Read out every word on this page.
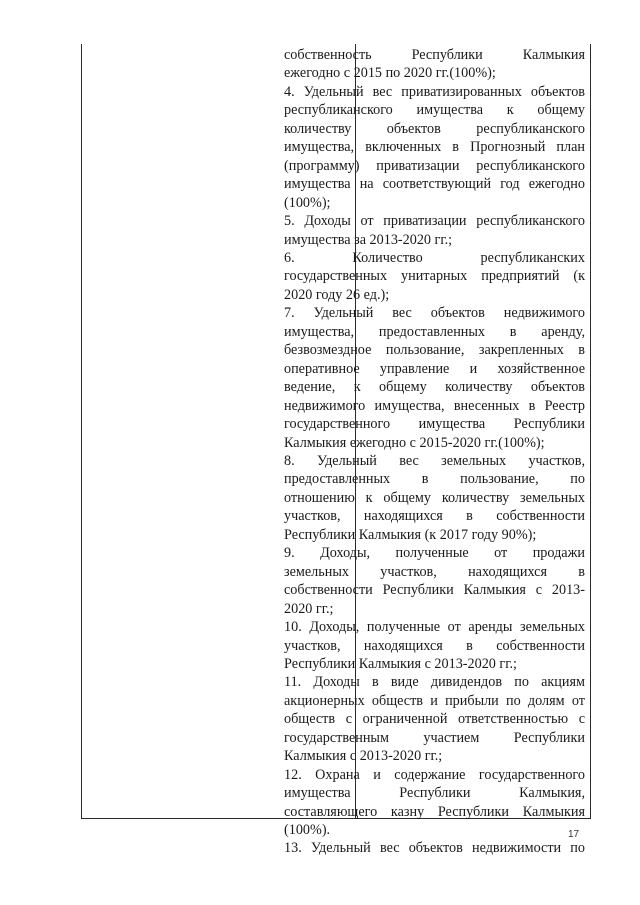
собственность Республики Калмыкия
ежегодно с 2015 по 2020 гг.(100%);
4. Удельный вес приватизированных объектов
республиканского имущества к общему
количеству объектов республиканского
имущества, включенных в Прогнозный план
(программу) приватизации республиканского
имущества на соответствующий год ежегодно
(100%);
5. Доходы от приватизации республиканского
имущества за 2013-2020 гг.;
6. Количество республиканских
государственных унитарных предприятий (к
2020 году 26 ед.);
7. Удельный вес объектов недвижимого
имущества, предоставленных в аренду,
безвозмездное пользование, закрепленных в
оперативное управление и хозяйственное
ведение, к общему количеству объектов
недвижимого имущества, внесенных в Реестр
государственного имущества Республики
Калмыкия ежегодно с 2015-2020 гг.(100%);
8. Удельный вес земельных участков,
предоставленных в пользование, по
отношению к общему количеству земельных
участков, находящихся в собственности
Республики Калмыкия (к 2017 году 90%);
9. Доходы, полученные от продажи
земельных участков, находящихся в
собственности Республики Калмыкия с 2013-
2020 гг.;
10. Доходы, полученные от аренды земельных
участков, находящихся в собственности
Республики Калмыкия с 2013-2020 гг.;
11. Доходы в виде дивидендов по акциям
акционерных обществ и прибыли по долям от
обществ с ограниченной ответственностью с
государственным участием Республики
Калмыкия с 2013-2020 гг.;
12. Охрана и содержание государственного
имущества Республики Калмыкия,
составляющего казну Республики Калмыкия
(100%).
13. Удельный вес объектов недвижимости по
17
